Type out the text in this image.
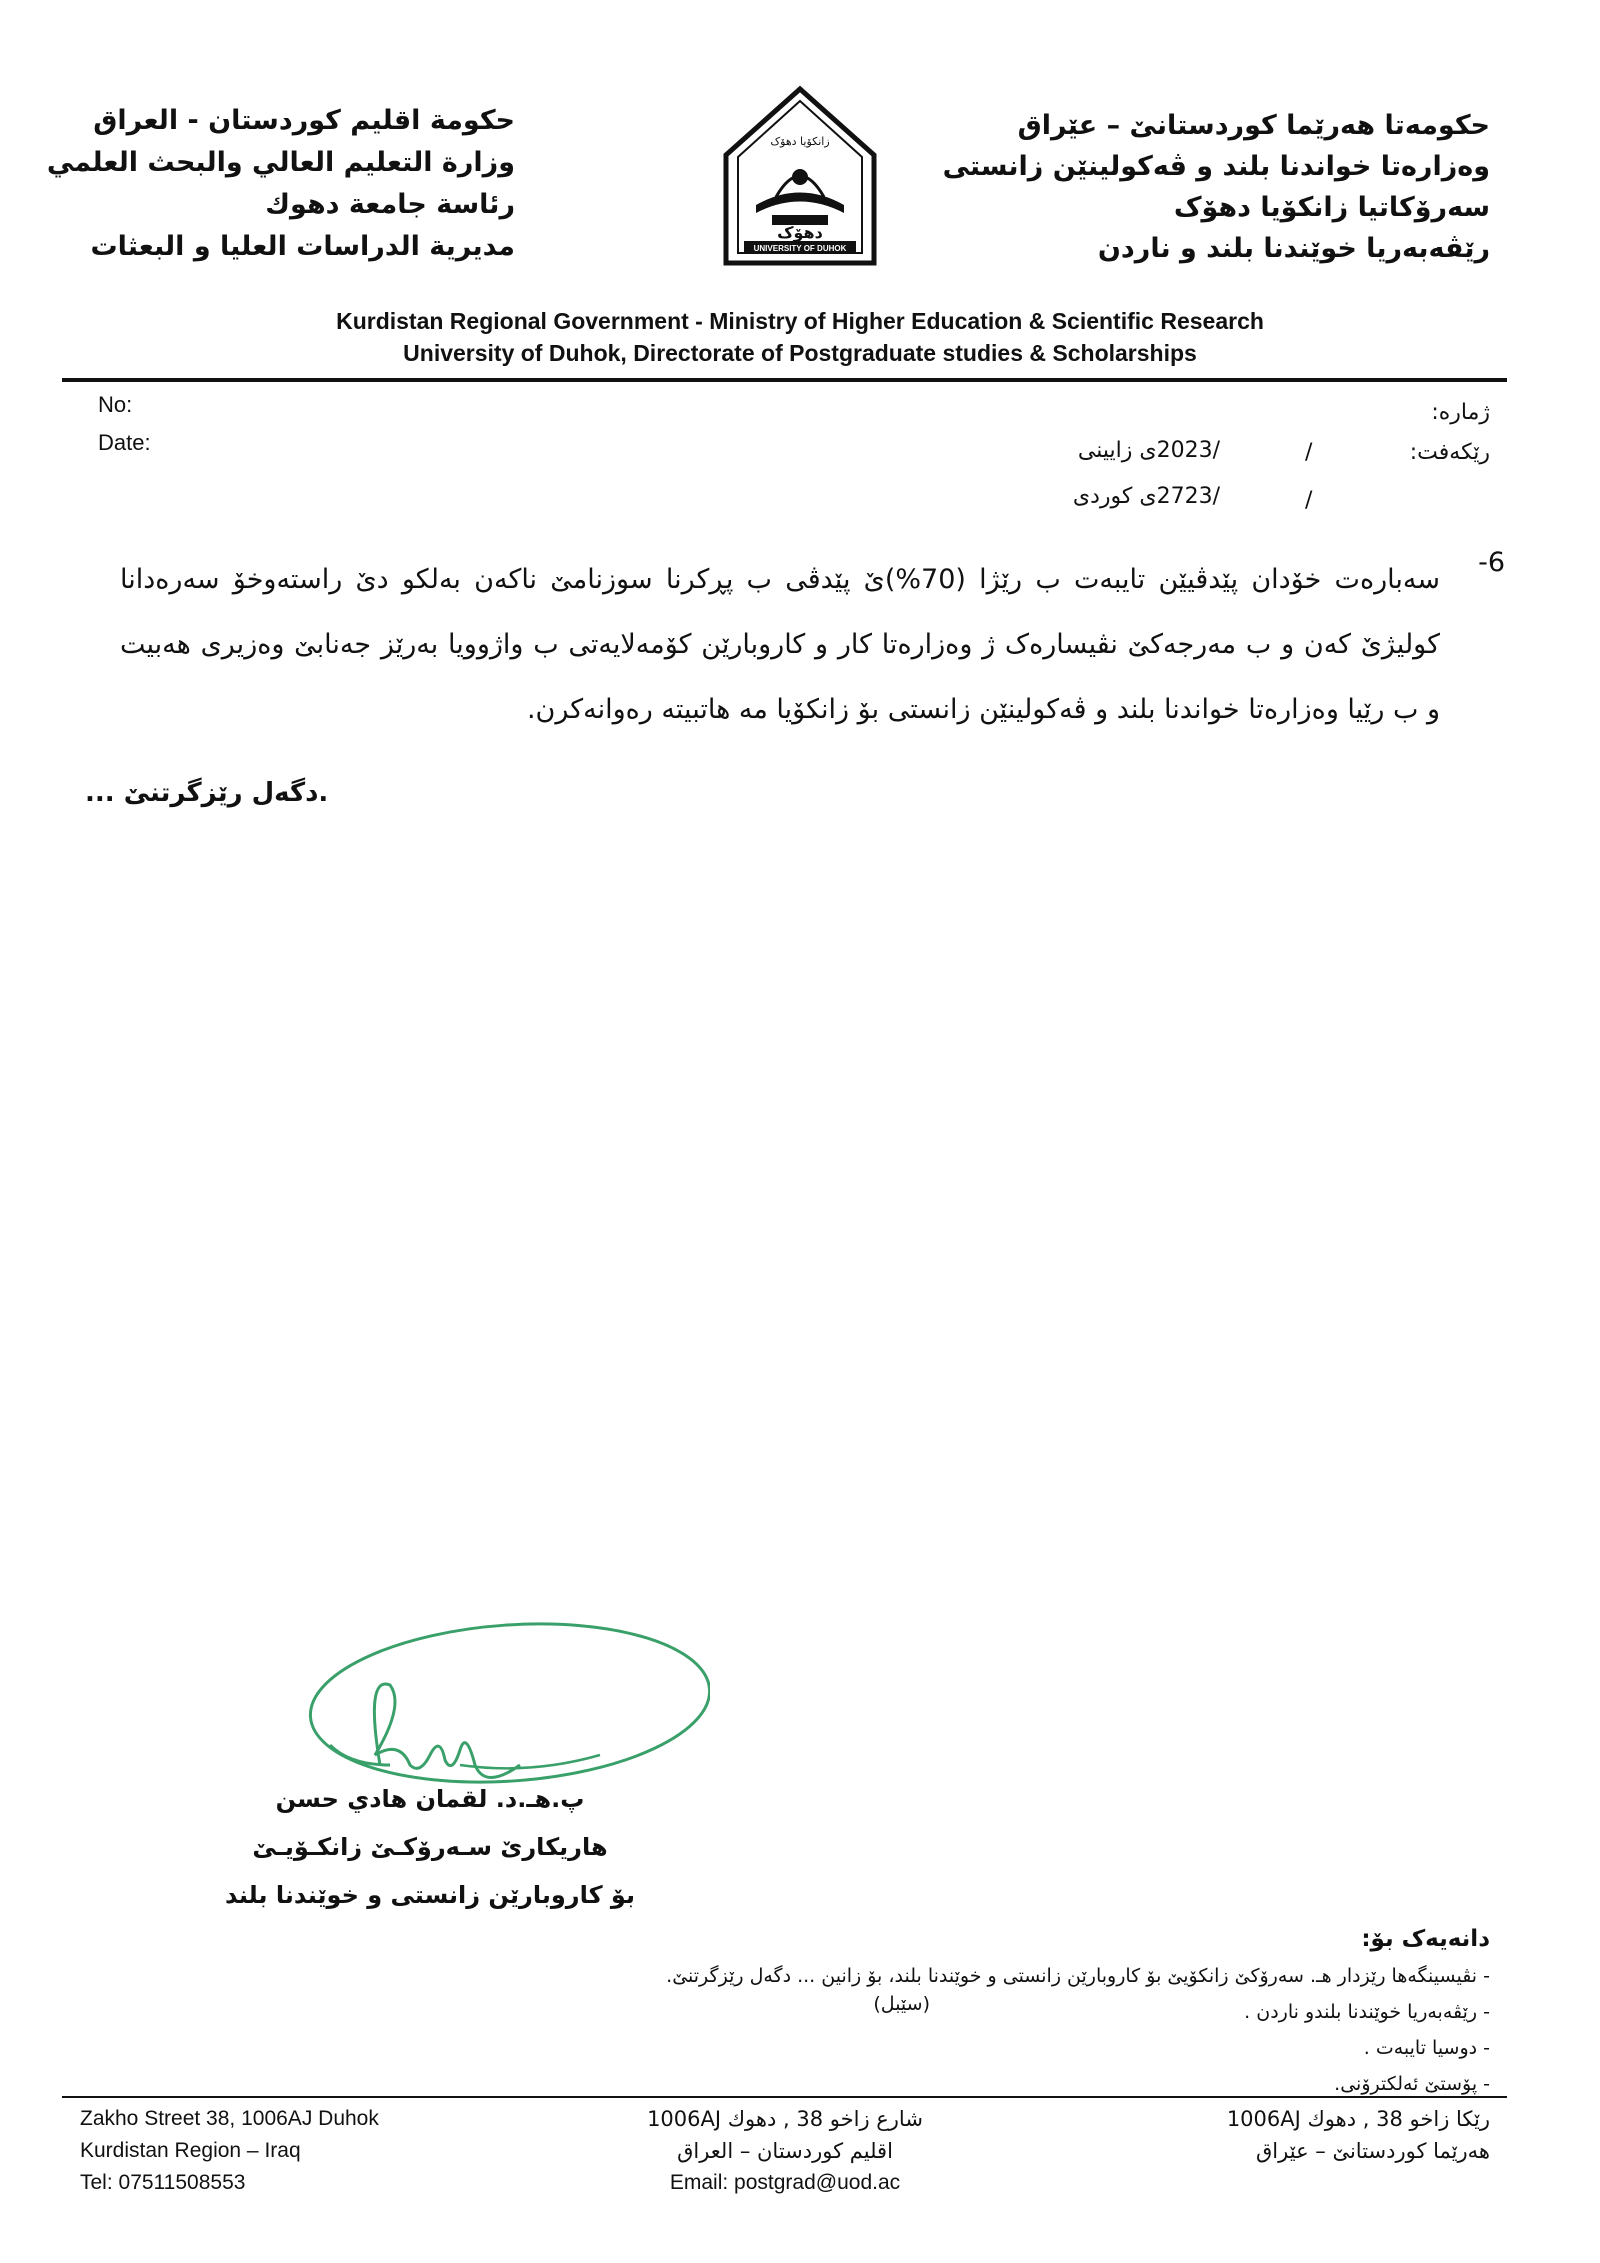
حکومەتا هەرێما کوردستانێ – عێراق
وەزارەتا خواندنا بلند و ڤەکولینێن زانستی
سەرۆکاتیا زانکۆیا دهۆک
رێڤەبەریا خوێندنا بلند و ناردن
حكومة اقليم كوردستان - العراق
وزارة التعليم العالي والبحث العلمي
رئاسة جامعة دهوك
مديرية الدراسات العليا و البعثات
زانکۆیا دهۆک
دهۆک
UNIVERSITY OF DUHOK
Kurdistan Regional Government - Ministry of Higher Education & Scientific Research
University of Duhok, Directorate of Postgraduate studies & Scholarships
No:
Date:
ژمارە:
رێکەفت:
/
/2023ی زایینی
/
/2723ی کوردی
-6
سەبارەت خۆدان پێدڤیێن تایبەت ب رێژا (70%)ێ پێدڤی ب پڕکرنا سوزنامێ ناکەن بەلکو دێ راستەوخۆ سەرەدانا کولیژێ کەن و ب مەرجەکێ نڤیسارەک ژ وەزارەتا کار و کاروبارێن کۆمەلایەتی ب واژوویا بەرێز جەنابێ وەزیری هەبیت و ب رێیا وەزارەتا خواندنا بلند و ڤەکولینێن زانستی بۆ زانکۆیا مە هاتبیتە رەوانەکرن.
... دگەل رێزگرتنێ.
پ.هـ.د. لقمان هادي حسن
هاریکارێ سـەرۆکـێ زانکـۆیـێ
بۆ کاروبارێن زانستی و خوێندنا بلند
دانەیەک بۆ:
- نڤیسینگەها رێزدار هـ. سەرۆکێ زانکۆیێ بۆ کاروبارێن زانستی و خوێندنا بلند، بۆ زانین ... دگەل رێزگرتنێ.
- رێڤەبەریا خوێندنا بلندو ناردن .
(سێبل)
- دوسیا تایبەت .
- پۆستێ ئەلکترۆنی.
Zakho Street 38, 1006AJ Duhok
Kurdistan Region – Iraq
Tel: 07511508553
شارع زاخو 38 , دهوك 1006AJ
اقليم كوردستان – العراق
Email: postgrad@uod.ac
رێکا زاخو 38 , دهوك 1006AJ
هەرێما کوردستانێ – عێراق
